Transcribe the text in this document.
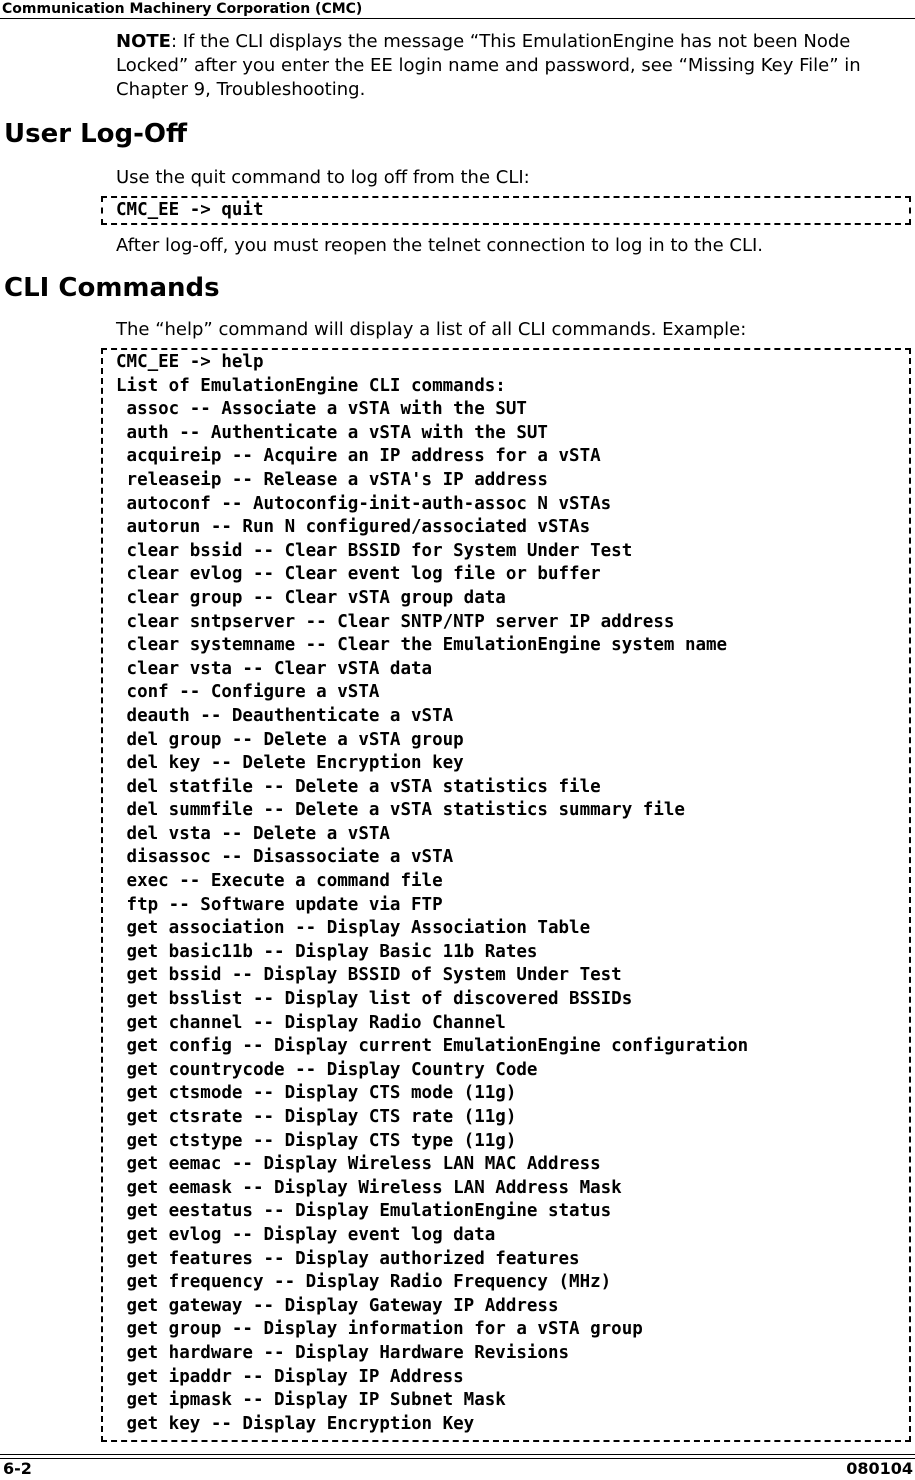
Communication Machinery Corporation (CMC)
NOTE: If the CLI displays the message “This EmulationEngine has not been Node Locked” after you enter the EE login name and password, see “Missing Key File” in Chapter 9, Troubleshooting.
User Log-Off
Use the quit command to log off from the CLI:
CMC_EE -> quit
After log-off, you must reopen the telnet connection to log in to the CLI.
CLI Commands
The “help” command will display a list of all CLI commands. Example:
CMC_EE -> help
List of EmulationEngine CLI commands:
assoc -- Associate a vSTA with the SUT
auth -- Authenticate a vSTA with the SUT
acquireip -- Acquire an IP address for a vSTA
releaseip -- Release a vSTA's IP address
autoconf -- Autoconfig-init-auth-assoc N vSTAs
autorun -- Run N configured/associated vSTAs
clear bssid -- Clear BSSID for System Under Test
clear evlog -- Clear event log file or buffer
clear group -- Clear vSTA group data
clear sntpserver -- Clear SNTP/NTP server IP address
clear systemname -- Clear the EmulationEngine system name
clear vsta -- Clear vSTA data
conf -- Configure a vSTA
deauth -- Deauthenticate a vSTA
del group -- Delete a vSTA group
del key -- Delete Encryption key
del statfile -- Delete a vSTA statistics file
del summfile -- Delete a vSTA statistics summary file
del vsta -- Delete a vSTA
disassoc -- Disassociate a vSTA
exec -- Execute a command file
ftp -- Software update via FTP
get association -- Display Association Table
get basic11b -- Display Basic 11b Rates
get bssid -- Display BSSID of System Under Test
get bsslist -- Display list of discovered BSSIDs
get channel -- Display Radio Channel
get config -- Display current EmulationEngine configuration
get countrycode -- Display Country Code
get ctsmode -- Display CTS mode (11g)
get ctsrate -- Display CTS rate (11g)
get ctstype -- Display CTS type (11g)
get eemac -- Display Wireless LAN MAC Address
get eemask -- Display Wireless LAN Address Mask
get eestatus -- Display EmulationEngine status
get evlog -- Display event log data
get features -- Display authorized features
get frequency -- Display Radio Frequency (MHz)
get gateway -- Display Gateway IP Address
get group -- Display information for a vSTA group
get hardware -- Display Hardware Revisions
get ipaddr -- Display IP Address
get ipmask -- Display IP Subnet Mask
get key -- Display Encryption Key
6-2	080104
